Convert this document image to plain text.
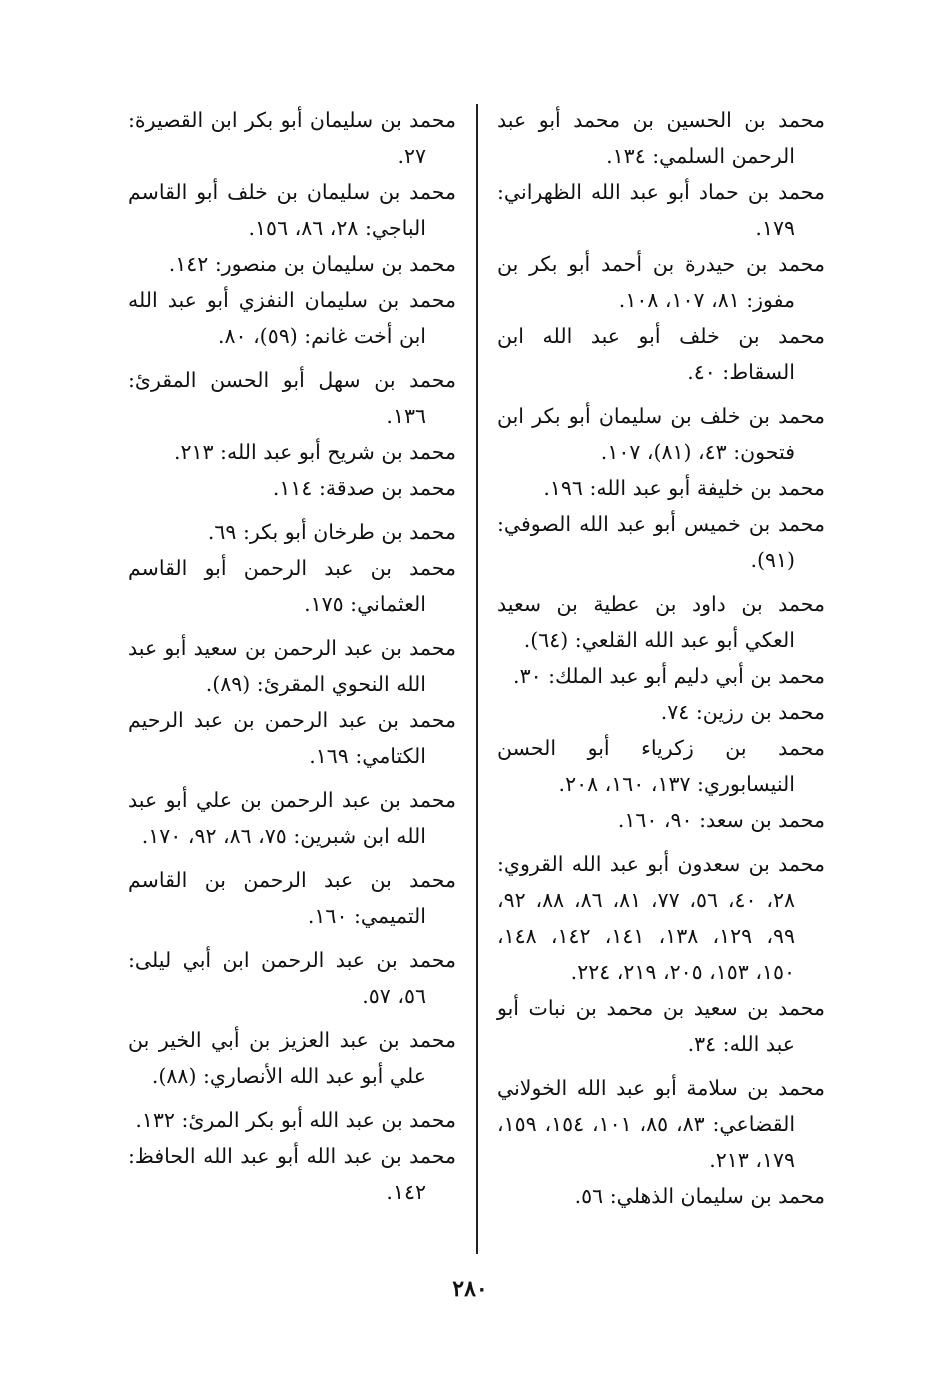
محمد بن الحسين بن محمد أبو عبد الرحمن السلمي: ١٣٤.

محمد بن حماد أبو عبد الله الظهراني: ١٧٩.

محمد بن حيدرة بن أحمد أبو بكر بن مفوز: ٨١، ١٠٧، ١٠٨.

محمد بن خلف أبو عبد الله ابن السقاط: ٤٠.

محمد بن خلف بن سليمان أبو بكر ابن فتحون: ٤٣، (٨١)، ١٠٧.

محمد بن خليفة أبو عبد الله: ١٩٦.

محمد بن خميس أبو عبد الله الصوفي: (٩١).

محمد بن داود بن عطية بن سعيد العكي أبو عبد الله القلعي: (٦٤).

محمد بن أبي دليم أبو عبد الملك: ٣٠.

محمد بن رزين: ٧٤.

محمد بن زكرياء أبو الحسن النيسابوري: ١٣٧، ١٦٠، ٢٠٨.

محمد بن سعد: ٩٠، ١٦٠.

محمد بن سعدون أبو عبد الله القروي: ٢٨، ٤٠، ٥٦، ٧٧، ٨١، ٨٦، ٨٨، ٩٢، ٩٩، ١٢٩، ١٣٨، ١٤١، ١٤٢، ١٤٨، ١٥٠، ١٥٣، ٢٠٥، ٢١٩، ٢٢٤.

محمد بن سعيد بن محمد بن نبات أبو عبد الله: ٣٤.

محمد بن سلامة أبو عبد الله الخولاني القضاعي: ٨٣، ٨٥، ١٠١، ١٥٤، ١٥٩، ١٧٩، ٢١٣.

محمد بن سليمان الذهلي: ٥٦.

محمد بن سليمان أبو بكر ابن القصيرة: ٢٧.

محمد بن سليمان بن خلف أبو القاسم الباجي: ٢٨، ٨٦، ١٥٦.

محمد بن سليمان بن منصور: ١٤٢.

محمد بن سليمان النفزي أبو عبد الله ابن أخت غانم: (٥٩)، ٨٠.

محمد بن سهل أبو الحسن المقرئ: ١٣٦.

محمد بن شريح أبو عبد الله: ٢١٣.

محمد بن صدقة: ١١٤.

محمد بن طرخان أبو بكر: ٦٩.

محمد بن عبد الرحمن أبو القاسم العثماني: ١٧٥.

محمد بن عبد الرحمن بن سعيد أبو عبد الله النحوي المقرئ: (٨٩).

محمد بن عبد الرحمن بن عبد الرحيم الكتامي: ١٦٩.

محمد بن عبد الرحمن بن علي أبو عبد الله ابن شبرين: ٧٥، ٨٦، ٩٢، ١٧٠.

محمد بن عبد الرحمن بن القاسم التميمي: ١٦٠.

محمد بن عبد الرحمن ابن أبي ليلى: ٥٦، ٥٧.

محمد بن عبد العزيز بن أبي الخير بن علي أبو عبد الله الأنصاري: (٨٨).

محمد بن عبد الله أبو بكر المرئ: ١٣٢.

محمد بن عبد الله أبو عبد الله الحافظ: ١٤٢.

٢٨٠
